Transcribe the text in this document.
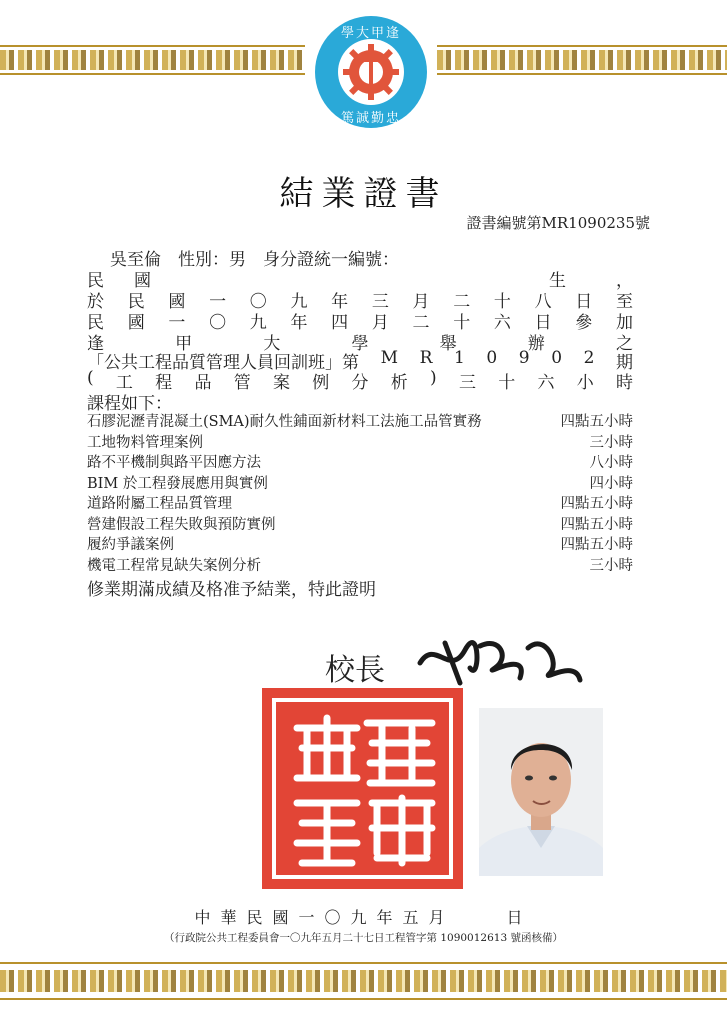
學大甲逢
篤誠勤忠
結業證書
證書編號第MR1090235號
吳至倫　性別：男　身分證統一編號：
民 國	生	，
於 民 國 一 〇 九 年 三 月 二 十 八 日 至
民 國 一 〇 九 年 四 月 二 十 六 日 參 加
逢	甲	大	學	舉	辦	之
「公共工程品質管理人員回訓班」第 M R 1 0 9 0 2 期
( 工 程 品 管 案 例 分 析 ) 三 十 六 小 時
課程如下：
石膠泥瀝青混凝土(SMA)耐久性鋪面新材料工法施工品管實務	四點五小時
工地物料管理案例	三小時
路不平機制與路平因應方法	八小時
BIM 於工程發展應用與實例	四小時
道路附屬工程品質管理	四點五小時
營建假設工程失敗與預防實例	四點五小時
履約爭議案例	四點五小時
機電工程常見缺失案例分析	三小時
修業期滿成績及格准予結業，特此證明
校長
中華民國一〇九年五月　　日
（行政院公共工程委員會一〇九年五月二十七日工程管字第 1090012613 號函核備）
